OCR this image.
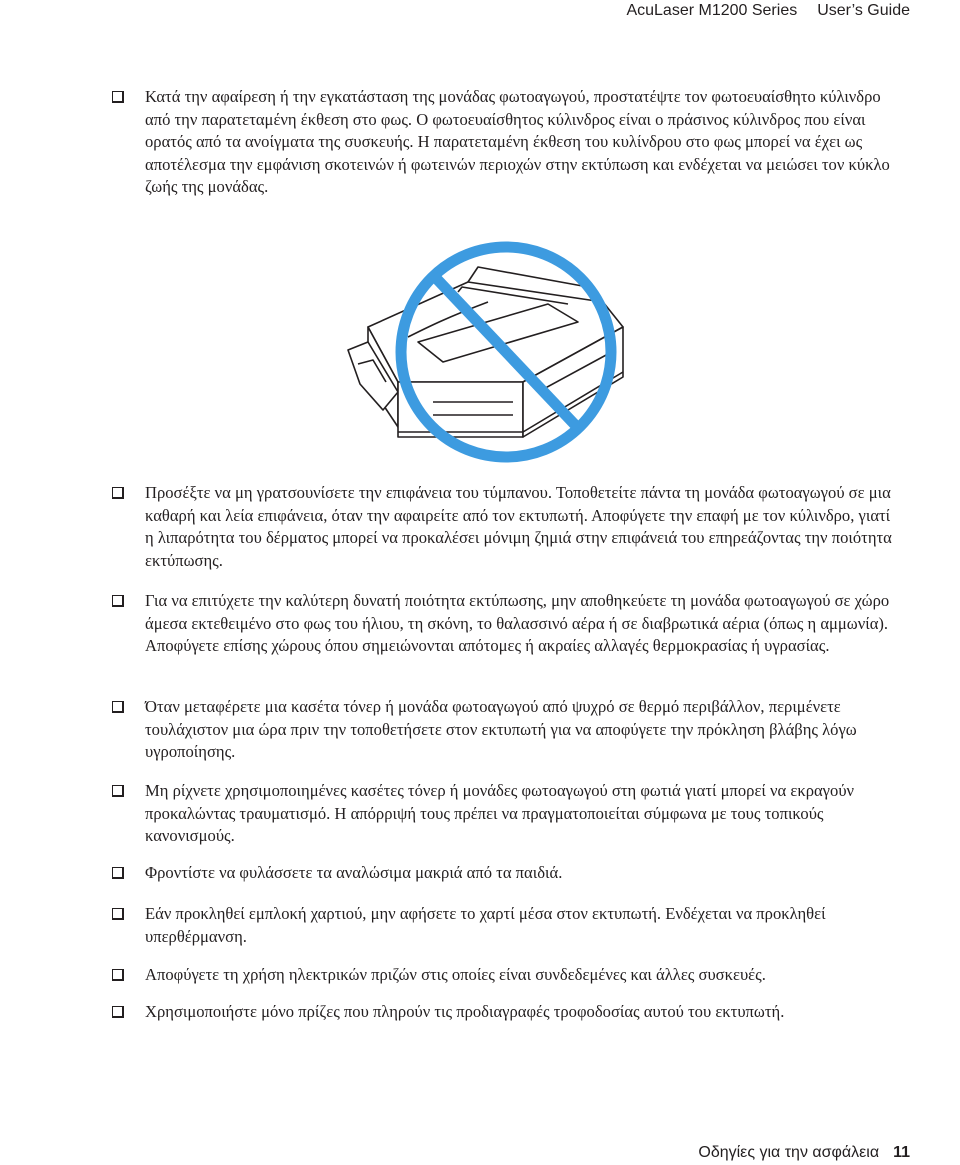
AcuLaser M1200 Series User’s Guide
Κατά την αφαίρεση ή την εγκατάσταση της μονάδας φωτοαγωγού, προστατέψτε τον φωτοευαίσθητο κύλινδρο από την παρατεταμένη έκθεση στο φως. Ο φωτοευαίσθητος κύλινδρος είναι ο πράσινος κύλινδρος που είναι ορατός από τα ανοίγματα της συσκευής. Η παρατεταμένη έκθεση του κυλίνδρου στο φως μπορεί να έχει ως αποτέλεσμα την εμφάνιση σκοτεινών ή φωτεινών περιοχών στην εκτύπωση και ενδέχεται να μειώσει τον κύκλο ζωής της μονάδας.
Προσέξτε να μη γρατσουνίσετε την επιφάνεια του τύμπανου. Τοποθετείτε πάντα τη μονάδα φωτοαγωγού σε μια καθαρή και λεία επιφάνεια, όταν την αφαιρείτε από τον εκτυπωτή. Αποφύγετε την επαφή με τον κύλινδρο, γιατί η λιπαρότητα του δέρματος μπορεί να προκαλέσει μόνιμη ζημιά στην επιφάνειά του επηρεάζοντας την ποιότητα εκτύπωσης.
Για να επιτύχετε την καλύτερη δυνατή ποιότητα εκτύπωσης, μην αποθηκεύετε τη μονάδα φωτοαγωγού σε χώρο άμεσα εκτεθειμένο στο φως του ήλιου, τη σκόνη, το θαλασσινό αέρα ή σε διαβρωτικά αέρια (όπως η αμμωνία). Αποφύγετε επίσης χώρους όπου σημειώνονται απότομες ή ακραίες αλλαγές θερμοκρασίας ή υγρασίας.
Όταν μεταφέρετε μια κασέτα τόνερ ή μονάδα φωτοαγωγού από ψυχρό σε θερμό περιβάλλον, περιμένετε τουλάχιστον μια ώρα πριν την τοποθετήσετε στον εκτυπωτή για να αποφύγετε την πρόκληση βλάβης λόγω υγροποίησης.
Μη ρίχνετε χρησιμοποιημένες κασέτες τόνερ ή μονάδες φωτοαγωγού στη φωτιά γιατί μπορεί να εκραγούν προκαλώντας τραυματισμό. Η απόρριψή τους πρέπει να πραγματοποιείται σύμφωνα με τους τοπικούς κανονισμούς.
Φροντίστε να φυλάσσετε τα αναλώσιμα μακριά από τα παιδιά.
Εάν προκληθεί εμπλοκή χαρτιού, μην αφήσετε το χαρτί μέσα στον εκτυπωτή. Ενδέχεται να προκληθεί υπερθέρμανση.
Αποφύγετε τη χρήση ηλεκτρικών πριζών στις οποίες είναι συνδεδεμένες και άλλες συσκευές.
Χρησιμοποιήστε μόνο πρίζες που πληρούν τις προδιαγραφές τροφοδοσίας αυτού του εκτυπωτή.
Οδηγίες για την ασφάλεια 11
